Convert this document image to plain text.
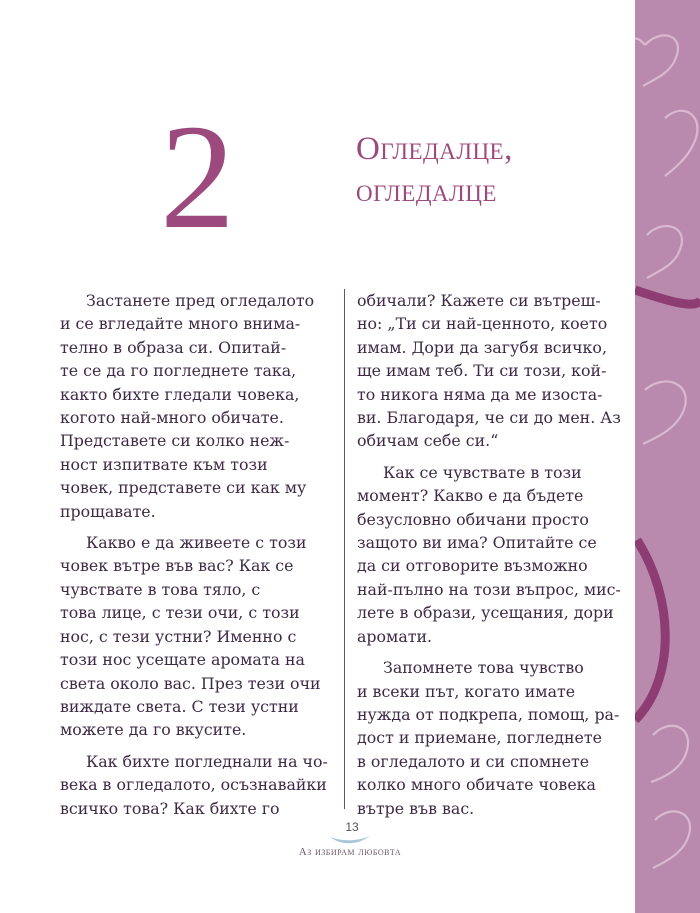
2	Огледалце,
огледалце

Застанете пред огледалото
и се вгледайте много внима-
телно в образа си. Опитай-
те се да го погледнете така,
както бихте гледали човека,
когото най-много обичате.
Представете си колко неж-
ност изпитвате към този
човек, представете си как му
прощавате.

Какво е да живеете с този
човек вътре във вас? Как се
чувствате в това тяло, с
това лице, с тези очи, с този
нос, с тези устни? Именно с
този нос усещате аромата на
света около вас. През тези очи
виждате света. С тези устни
можете да го вкусите.

Как бихте погледнали на чо-
века в огледалото, осъзнавайки
всичко това? Как бихте го

обичали? Кажете си вътреш-
но: „Ти си най-ценното, което
имам. Дори да загубя всичко,
ще имам теб. Ти си този, кой-
то никога няма да ме изоста-
ви. Благодаря, че си до мен. Аз
обичам себе си.“

Как се чувствате в този
момент? Какво е да бъдете
безусловно обичани просто
защото ви има? Опитайте се
да си отговорите възможно
най-пълно на този въпрос, мис-
лете в образи, усещания, дори
аромати.

Запомнете това чувство
и всеки път, когато имате
нужда от подкрепа, помощ, ра-
дост и приемане, погледнете
в огледалото и си спомнете
колко много обичате човека
вътре във вас.

13
Аз избирам любовта
